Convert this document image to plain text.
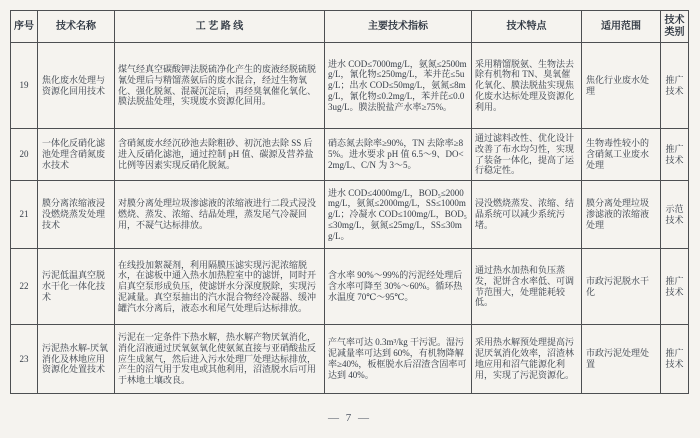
序号	技术名称	工 艺 路 线	主要技术指标	技术特点	适用范围	技术类别
19	焦化废水处理与资源化回用技术	煤气经真空碳酸钾法脱硫净化产生的废液经脱硫脱氰处理后与精馏蒸氨后的废水混合，经过生物氧化、强化脱氮、混凝沉淀后，再经臭氧催化氧化、膜法脱盐处理，实现废水资源化回用。	进水 COD≤7000mg/L，氨氮≤2500mg/L，氰化物≤250mg/L，苯并芘≤5ug/L；出水 COD≤50mg/L，氨氮≤8mg/L，氰化物≤0.2mg/L，苯并芘≤0.03ug/L。膜法脱盐产水率≥75%。	采用精馏脱氨、生物法去除有机物和 TN、臭氧催化氧化、膜法脱盐实现焦化废水达标处理及资源化利用。	焦化行业废水处理	推广技术
20	一体化反硝化滤池处理含硝氮废水技术	含硝氮废水经沉砂池去除粗砂、初沉池去除 SS 后进入反硝化滤池，通过控制 pH 值、碳源及营养盐比例等因素实现反硝化脱氮。	硝态氮去除率≥90%，TN 去除率≥85%。进水要求 pH 值 6.5～9、DO<2mg/L、C/N 为 3～5。	通过滤料改性、优化设计改善了布水均匀性，实现了装备一体化，提高了运行稳定性。	生物毒性较小的含硝氮工业废水处理	推广技术
21	膜分离浓缩液浸没燃烧蒸发处理技术	对膜分离处理垃圾渗滤液的浓缩液进行二段式浸没燃烧、蒸发、浓缩、结晶处理，蒸发尾气冷凝回用，不凝气达标排放。	进水 COD≤4000mg/L，BOD₅≤2000mg/L，氨氮≤2000mg/L，SS≤1000mg/L；冷凝水 COD≤100mg/L，BOD₅≤30mg/L，氨氮≤25mg/L，SS≤30mg/L。	浸没燃烧蒸发、浓缩、结晶系统可以减少系统污堵。	膜分离处理垃圾渗滤液的浓缩液处理	示范技术
22	污泥低温真空脱水干化一体化技术	在线投加絮凝剂，利用隔膜压滤实现污泥浓缩脱水，在滤板中通入热水加热腔室中的滤饼，同时开启真空泵形成负压，使滤饼水分深度脱除，实现污泥减量。真空泵抽出的汽水混合物经冷凝器、缓冲罐汽水分离后，液态水和尾气处理后达标排放。	含水率 90%～99%的污泥经处理后含水率可降至 30%～60%。循环热水温度 70℃～95℃。	通过热水加热和负压蒸发，泥饼含水率低、可调节范围大，处理能耗较低。	市政污泥脱水干化	推广技术
23	污泥热水解-厌氧消化及林地应用资源化处置技术	污泥在一定条件下热水解，热水解产物厌氧消化，消化沼液通过厌氧氨氧化使氨氮直接与亚硝酸盐反应生成氮气，然后进入污水处理厂处理达标排放，产生的沼气用于发电或其他利用，沼渣脱水后可用于林地土壤改良。	产气率可达 0.3m³/kg 干污泥。湿污泥减量率可达到 60%，有机物降解率≥40%，板框脱水后沼渣含固率可达到 40%。	采用热水解预处理提高污泥厌氧消化效率，沼渣林地应用和沼气能源化利用，实现了污泥资源化。	市政污泥处理处置	推广技术
— 7 —
